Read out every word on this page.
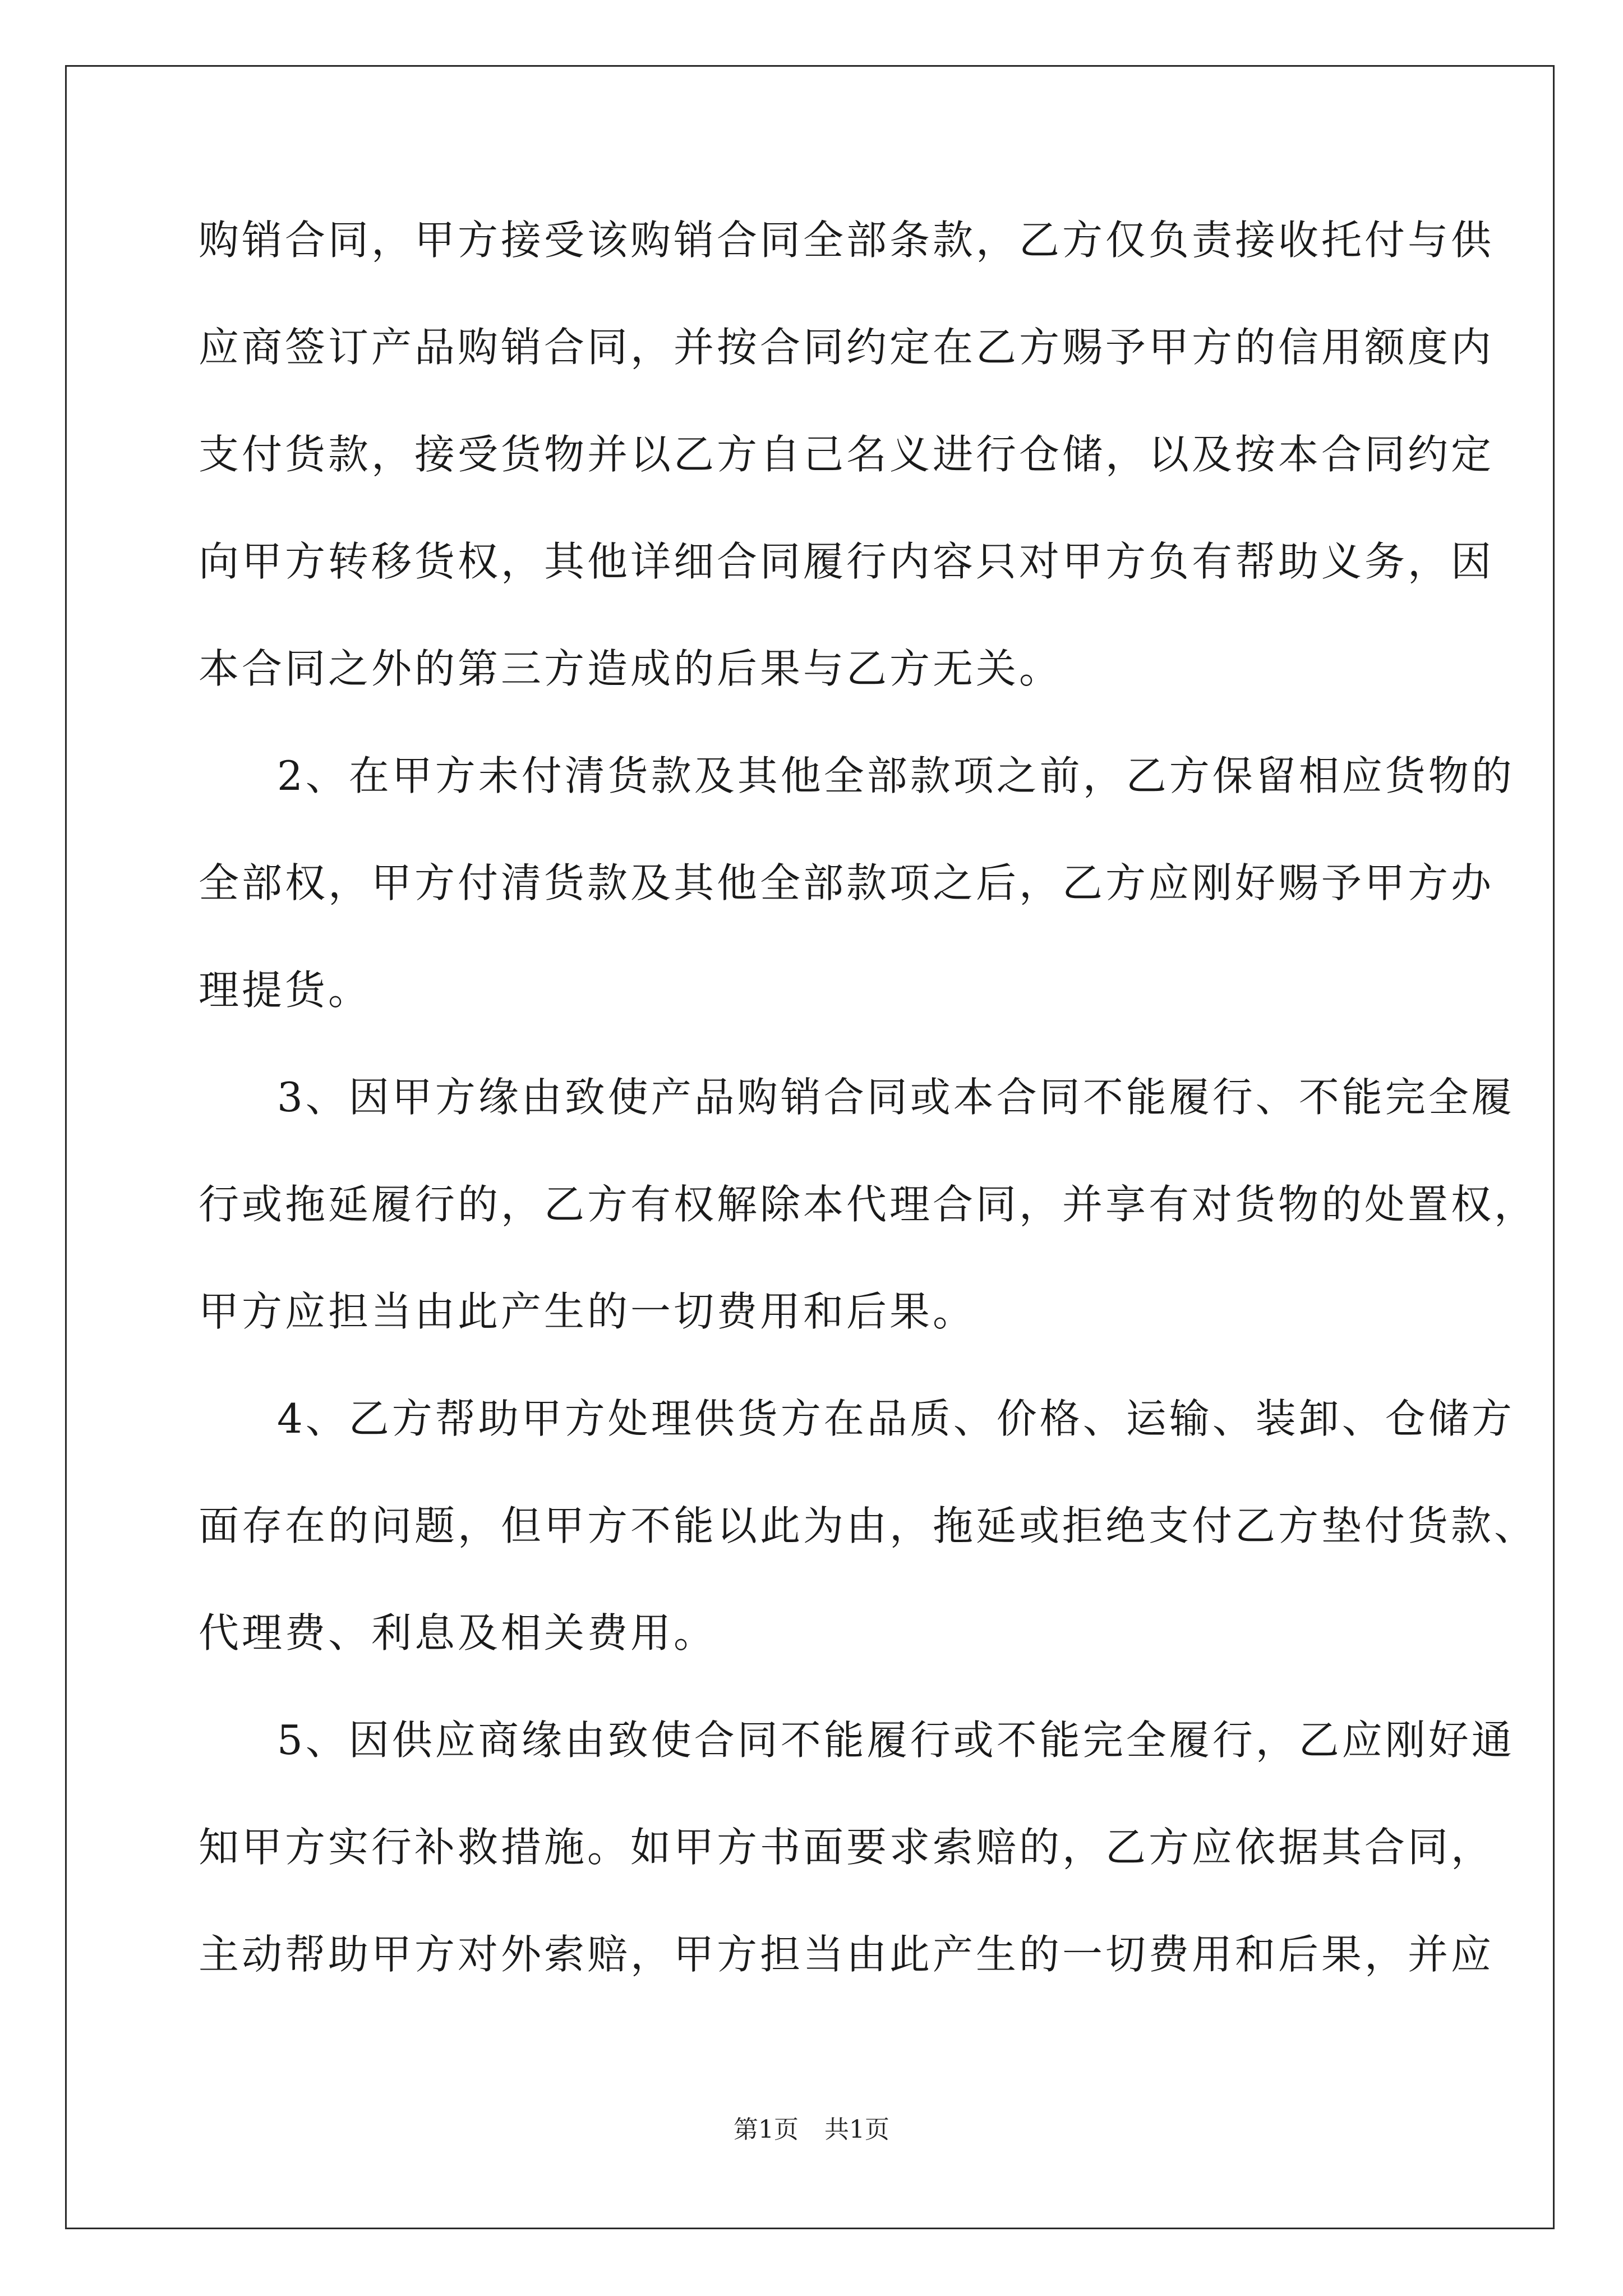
购销合同，甲方接受该购销合同全部条款，乙方仅负责接收托付与供
应商签订产品购销合同，并按合同约定在乙方赐予甲方的信用额度内
支付货款，接受货物并以乙方自己名义进行仓储，以及按本合同约定
向甲方转移货权，其他详细合同履行内容只对甲方负有帮助义务，因
本合同之外的第三方造成的后果与乙方无关。
2、在甲方未付清货款及其他全部款项之前，乙方保留相应货物的
全部权，甲方付清货款及其他全部款项之后，乙方应刚好赐予甲方办
理提货。
3、因甲方缘由致使产品购销合同或本合同不能履行、不能完全履
行或拖延履行的，乙方有权解除本代理合同，并享有对货物的处置权，
甲方应担当由此产生的一切费用和后果。
4、乙方帮助甲方处理供货方在品质、价格、运输、装卸、仓储方
面存在的问题，但甲方不能以此为由，拖延或拒绝支付乙方垫付货款、
代理费、利息及相关费用。
5、因供应商缘由致使合同不能履行或不能完全履行，乙应刚好通
知甲方实行补救措施。如甲方书面要求索赔的，乙方应依据其合同，
主动帮助甲方对外索赔，甲方担当由此产生的一切费用和后果，并应
第1页 共1页
